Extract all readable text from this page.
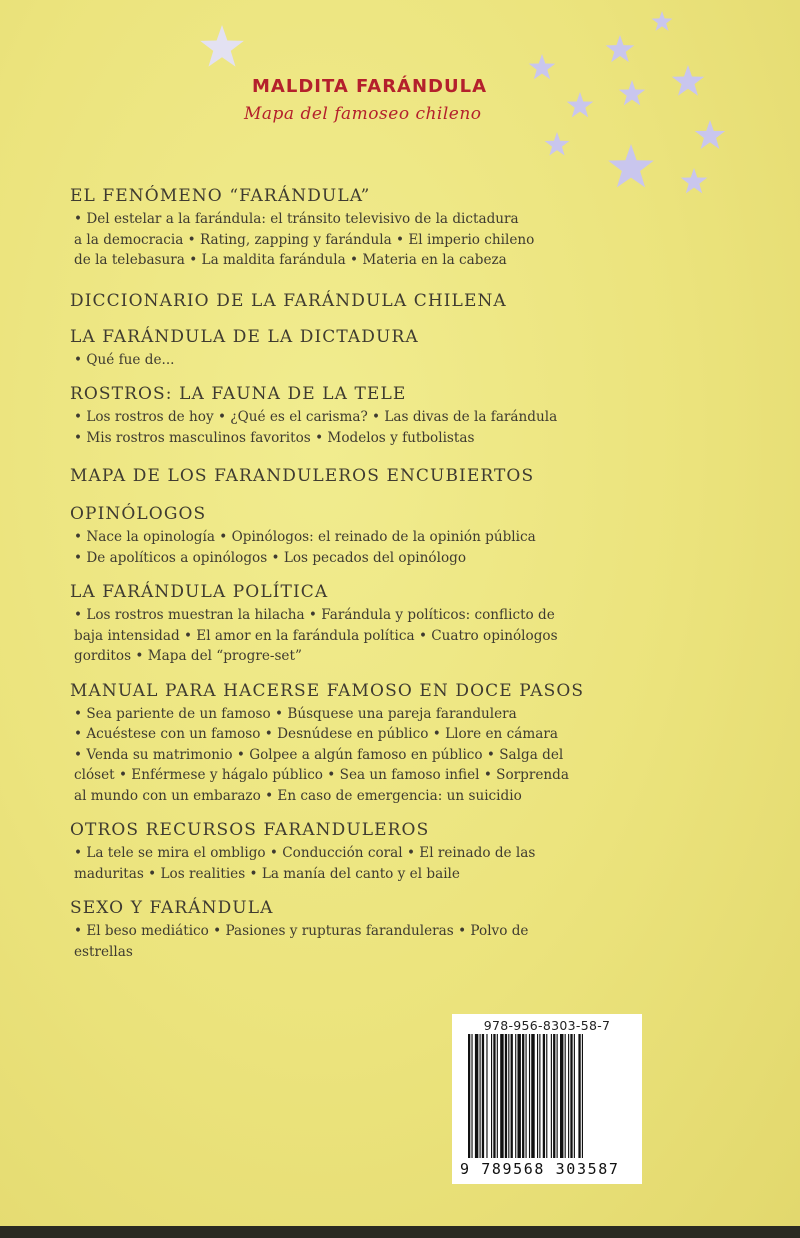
MALDITA FARÁNDULA
Mapa del famoseo chileno
EL FENÓMENO “FARÁNDULA”
• Del estelar a la farándula: el tránsito televisivo de la dictadura
a la democracia • Rating, zapping y farándula • El imperio chileno
de la telebasura • La maldita farándula • Materia en la cabeza
DICCIONARIO DE LA FARÁNDULA CHILENA
LA FARÁNDULA DE LA DICTADURA
• Qué fue de...
ROSTROS: LA FAUNA DE LA TELE
• Los rostros de hoy • ¿Qué es el carisma? • Las divas de la farándula
• Mis rostros masculinos favoritos • Modelos y futbolistas
MAPA DE LOS FARANDULEROS ENCUBIERTOS
OPINÓLOGOS
• Nace la opinología • Opinólogos: el reinado de la opinión pública
• De apolíticos a opinólogos • Los pecados del opinólogo
LA FARÁNDULA POLÍTICA
• Los rostros muestran la hilacha • Farándula y políticos: conflicto de
baja intensidad • El amor en la farándula política • Cuatro opinólogos
gorditos • Mapa del “progre-set”
MANUAL PARA HACERSE FAMOSO EN DOCE PASOS
• Sea pariente de un famoso • Búsquese una pareja farandulera
• Acuéstese con un famoso • Desnúdese en público • Llore en cámara
• Venda su matrimonio • Golpee a algún famoso en público • Salga del
clóset • Enférmese y hágalo público • Sea un famoso infiel • Sorprenda
al mundo con un embarazo • En caso de emergencia: un suicidio
OTROS RECURSOS FARANDULEROS
• La tele se mira el ombligo • Conducción coral • El reinado de las
maduritas • Los realities • La manía del canto y el baile
SEXO Y FARÁNDULA
• El beso mediático • Pasiones y rupturas faranduleras • Polvo de
estrellas
978-956-8303-58-7
9 789568 303587
